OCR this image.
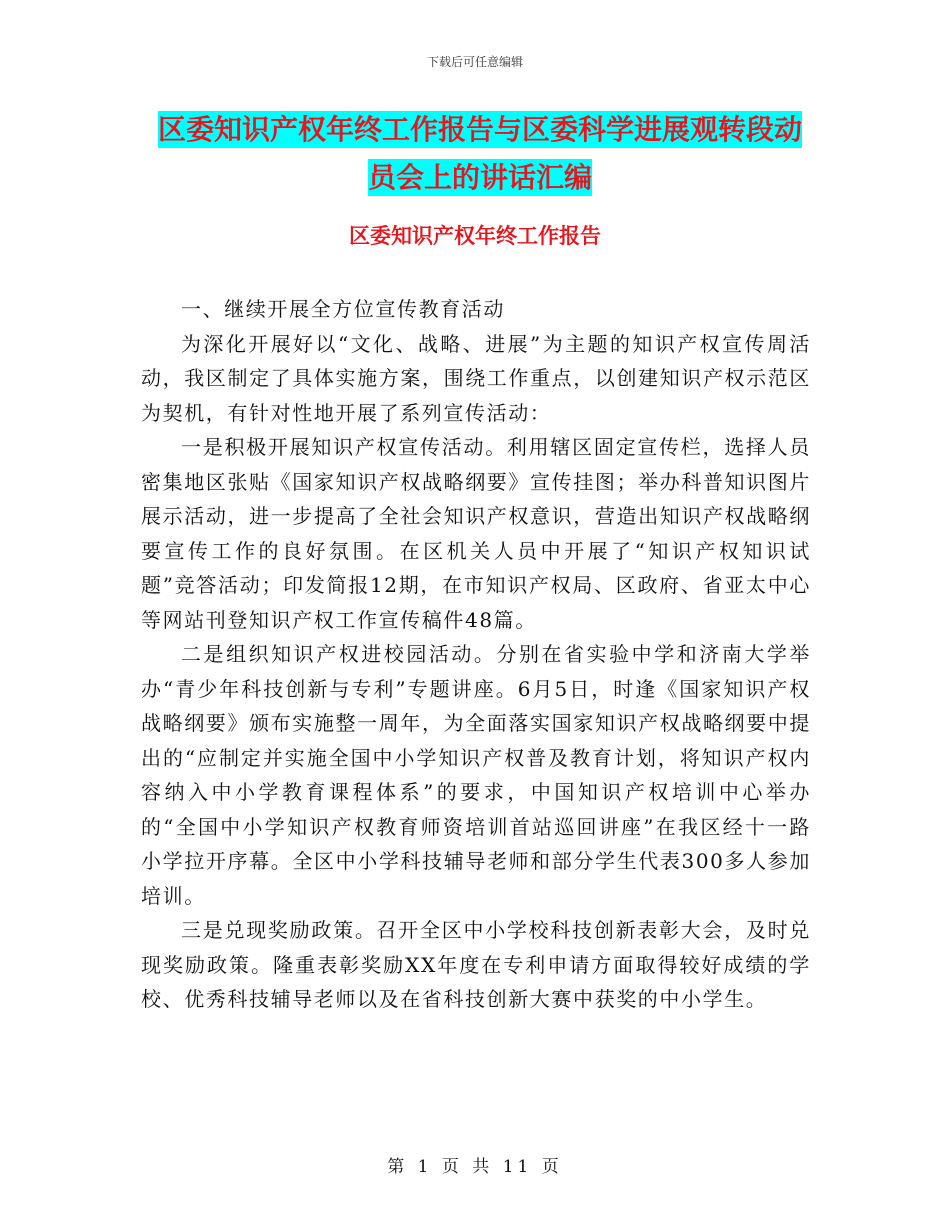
下载后可任意编辑
区委知识产权年终工作报告与区委科学进展观转段动
员会上的讲话汇编
区委知识产权年终工作报告

一、继续开展全方位宣传教育活动

为深化开展好以“文化、战略、进展”为主题的知识产权宣传周活动，我区制定了具体实施方案，围绕工作重点，以创建知识产权示范区为契机，有针对性地开展了系列宣传活动：

一是积极开展知识产权宣传活动。利用辖区固定宣传栏，选择人员密集地区张贴《国家知识产权战略纲要》宣传挂图；举办科普知识图片展示活动，进一步提高了全社会知识产权意识，营造出知识产权战略纲要宣传工作的良好氛围。在区机关人员中开展了“知识产权知识试题”竞答活动；印发简报12期，在市知识产权局、区政府、省亚太中心等网站刊登知识产权工作宣传稿件48篇。

二是组织知识产权进校园活动。分别在省实验中学和济南大学举办“青少年科技创新与专利”专题讲座。6月5日，时逢《国家知识产权战略纲要》颁布实施整一周年，为全面落实国家知识产权战略纲要中提出的“应制定并实施全国中小学知识产权普及教育计划，将知识产权内容纳入中小学教育课程体系”的要求，中国知识产权培训中心举办的“全国中小学知识产权教育师资培训首站巡回讲座”在我区经十一路小学拉开序幕。全区中小学科技辅导老师和部分学生代表300多人参加培训。

三是兑现奖励政策。召开全区中小学校科技创新表彰大会，及时兑现奖励政策。隆重表彰奖励XX年度在专利申请方面取得较好成绩的学校、优秀科技辅导老师以及在省科技创新大赛中获奖的中小学生。

第 1 页 共 11 页
